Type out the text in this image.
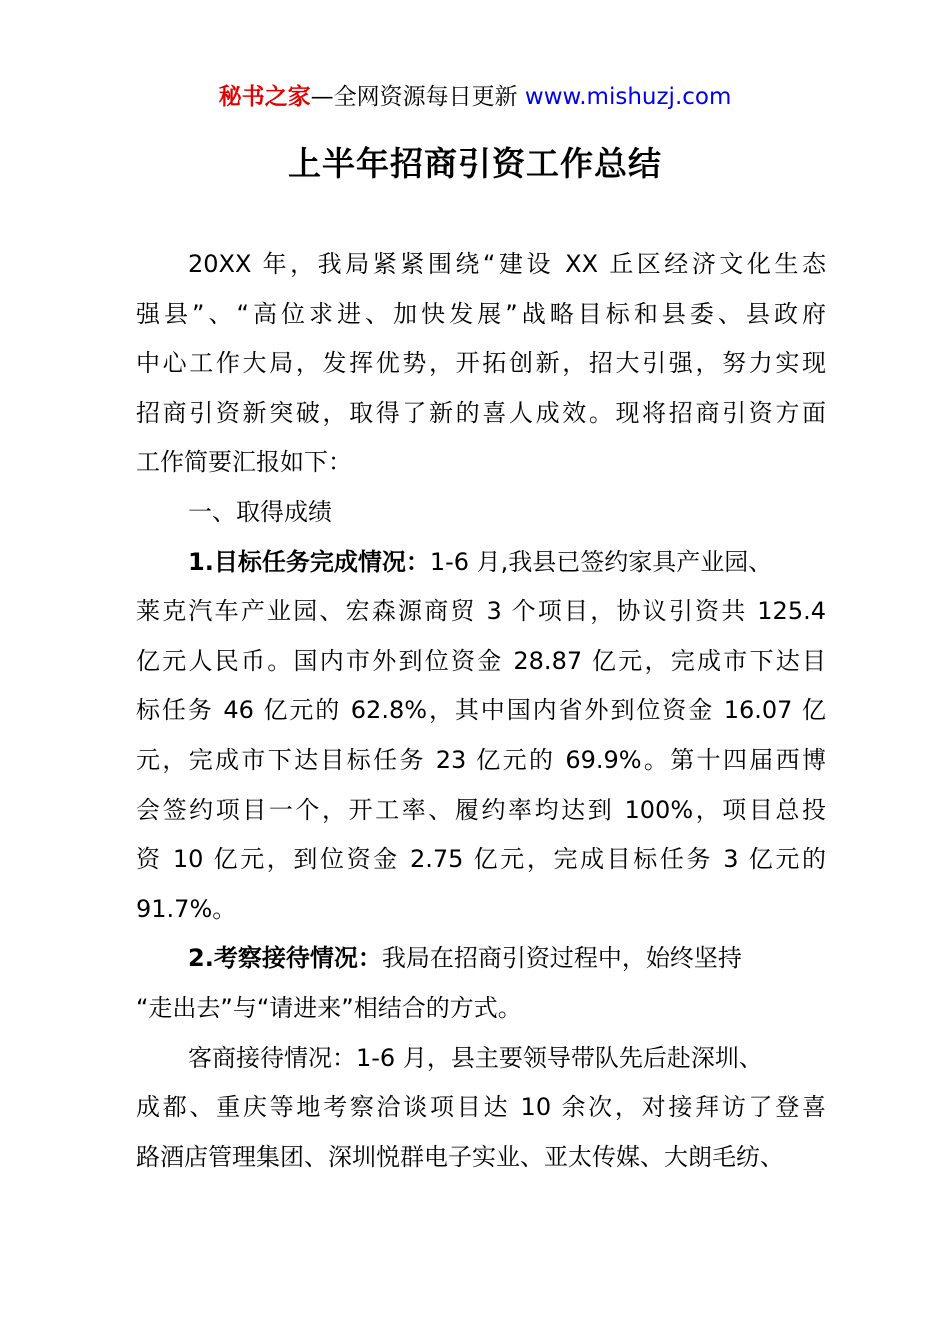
秘书之家—全网资源每日更新 www.mishuzj.com
上半年招商引资工作总结
20XX 年，我局紧紧围绕“建设 XX 丘区经济文化生态
强县”、“高位求进、加快发展”战略目标和县委、县政府
中心工作大局，发挥优势，开拓创新，招大引强，努力实现
招商引资新突破，取得了新的喜人成效。现将招商引资方面
工作简要汇报如下：
一、取得成绩
1.目标任务完成情况：1-6 月,我县已签约家具产业园、
莱克汽车产业园、宏森源商贸 3 个项目，协议引资共 125.4
亿元人民币。国内市外到位资金 28.87 亿元，完成市下达目
标任务 46 亿元的 62.8%，其中国内省外到位资金 16.07 亿
元，完成市下达目标任务 23 亿元的 69.9%。第十四届西博
会签约项目一个，开工率、履约率均达到 100%，项目总投
资 10 亿元，到位资金 2.75 亿元，完成目标任务 3 亿元的
91.7%。
2.考察接待情况：我局在招商引资过程中，始终坚持
“走出去”与“请进来”相结合的方式。
客商接待情况：1-6 月，县主要领导带队先后赴深圳、
成都、重庆等地考察洽谈项目达 10 余次，对接拜访了登喜
路酒店管理集团、深圳悦群电子实业、亚太传媒、大朗毛纺、
